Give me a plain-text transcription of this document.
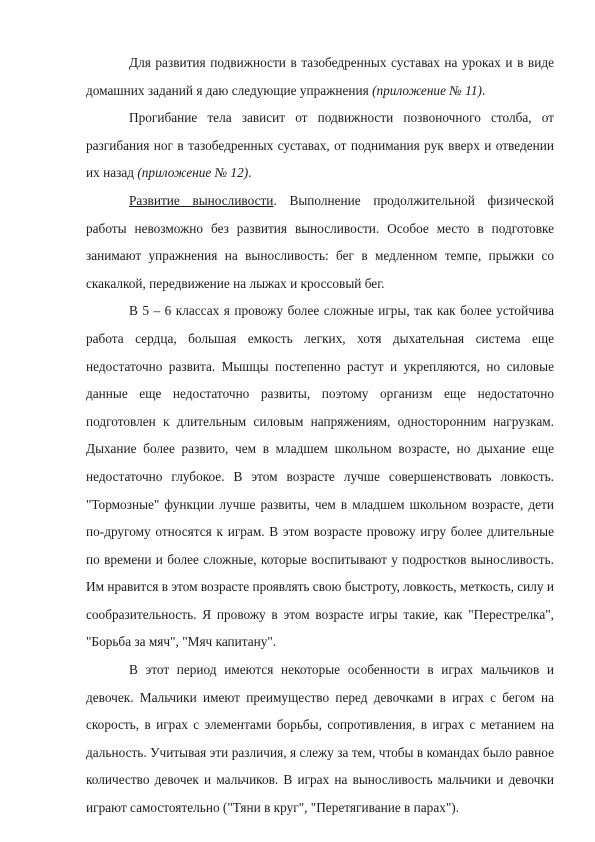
Для развития подвижности в тазобедренных суставах на уроках и в виде домашних заданий я даю следующие упражнения (приложение № 11).

Прогибание тела зависит от подвижности позвоночного столба, от разгибания ног в тазобедренных суставах, от поднимания рук вверх и отведении их назад (приложение № 12).

Развитие выносливости. Выполнение продолжительной физической работы невозможно без развития выносливости. Особое место в подготовке занимают упражнения на выносливость: бег в медленном темпе, прыжки со скакалкой, передвижение на лыжах и кроссовый бег.

В 5 – 6 классах я провожу более сложные игры, так как более устойчива работа сердца, большая емкость легких, хотя дыхательная система еще недостаточно развита. Мышцы постепенно растут и укрепляются, но силовые данные еще недостаточно развиты, поэтому организм еще недостаточно подготовлен к длительным силовым напряжениям, односторонним нагрузкам. Дыхание более развито, чем в младшем школьном возрасте, но дыхание еще недостаточно глубокое. В этом возрасте лучше совершенствовать ловкость. "Тормозные" функции лучше развиты, чем в младшем школьном возрасте, дети по-другому относятся к играм. В этом возрасте провожу игру более длительные по времени и более сложные, которые воспитывают у подростков выносливость. Им нравится в этом возрасте проявлять свою быстроту, ловкость, меткость, силу и сообразительность. Я провожу в этом возрасте игры такие, как "Перестрелка", "Борьба за мяч", "Мяч капитану".

В этот период имеются некоторые особенности в играх мальчиков и девочек. Мальчики имеют преимущество перед девочками в играх с бегом на скорость, в играх с элементами борьбы, сопротивления, в играх с метанием на дальность. Учитывая эти различия, я слежу за тем, чтобы в командах было равное количество девочек и мальчиков. В играх на выносливость мальчики и девочки играют самостоятельно ("Тяни в круг", "Перетягивание в парах").
